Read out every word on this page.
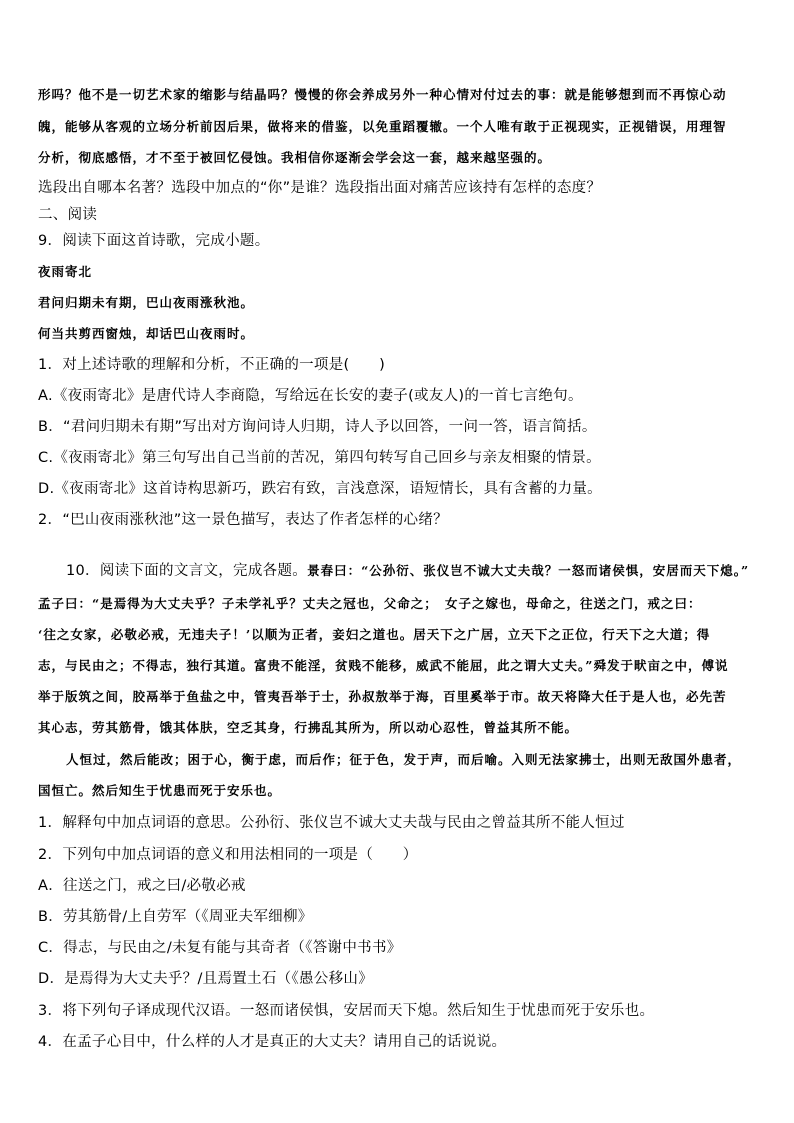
形吗？他不是一切艺术家的缩影与结晶吗？慢慢的你会养成另外一种心情对付过去的事：就是能够想到而不再惊心动
魄，能够从客观的立场分析前因后果，做将来的借鉴，以免重蹈覆辙。一个人唯有敢于正视现实，正视错误，用理智
分析，彻底感悟，才不至于被回忆侵蚀。我相信你逐渐会学会这一套，越来越坚强的。
选段出自哪本名著？选段中加点的“你”是谁？选段指出面对痛苦应该持有怎样的态度？
二、阅读
9．阅读下面这首诗歌，完成小题。
夜雨寄北
君问归期未有期，巴山夜雨涨秋池。
何当共剪西窗烛，却话巴山夜雨时。
1．对上述诗歌的理解和分析，不正确的一项是(　　)
A.《夜雨寄北》是唐代诗人李商隐，写给远在长安的妻子(或友人)的一首七言绝句。
B．“君问归期未有期”写出对方询问诗人归期，诗人予以回答，一问一答，语言简括。
C.《夜雨寄北》第三句写出自己当前的苦况，第四句转写自己回乡与亲友相聚的情景。
D.《夜雨寄北》这首诗构思新巧，跌宕有致，言浅意深，语短情长，具有含蓄的力量。
2．“巴山夜雨涨秋池”这一景色描写，表达了作者怎样的心绪？
10．阅读下面的文言文，完成各题。景春曰：“公孙衍、张仪岂不诚大丈夫哉？一怒而诸侯惧，安居而天下熄。”
孟子曰：“是焉得为大丈夫乎？子未学礼乎？丈夫之冠也，父命之；　女子之嫁也，母命之，往送之门，戒之曰：
‘往之女家，必敬必戒，无违夫子！’以顺为正者，妾妇之道也。居天下之广居，立天下之正位，行天下之大道；得
志，与民由之；不得志，独行其道。富贵不能淫，贫贱不能移，威武不能屈，此之谓大丈夫。”舜发于畎亩之中，傅说
举于版筑之间，胶鬲举于鱼盐之中，管夷吾举于士，孙叔敖举于海，百里奚举于市。故天将降大任于是人也，必先苦
其心志，劳其筋骨，饿其体肤，空乏其身，行拂乱其所为，所以动心忍性，曾益其所不能。
人恒过，然后能改；困于心，衡于虑，而后作；征于色，发于声，而后喻。入则无法家拂士，出则无敌国外患者，
国恒亡。然后知生于忧患而死于安乐也。
1．解释句中加点词语的意思。公孙衍、张仪岂不诚大丈夫哉与民由之曾益其所不能人恒过
2．下列句中加点词语的意义和用法相同的一项是（　　）
A．往送之门，戒之曰/必敬必戒
B．劳其筋骨/上自劳军（《周亚夫军细柳》
C．得志，与民由之/未复有能与其奇者（《答谢中书书》
D．是焉得为大丈夫乎？/且焉置土石（《愚公移山》
3．将下列句子译成现代汉语。一怒而诸侯惧，安居而天下熄。然后知生于忧患而死于安乐也。
4．在孟子心目中，什么样的人才是真正的大丈夫？请用自己的话说说。
